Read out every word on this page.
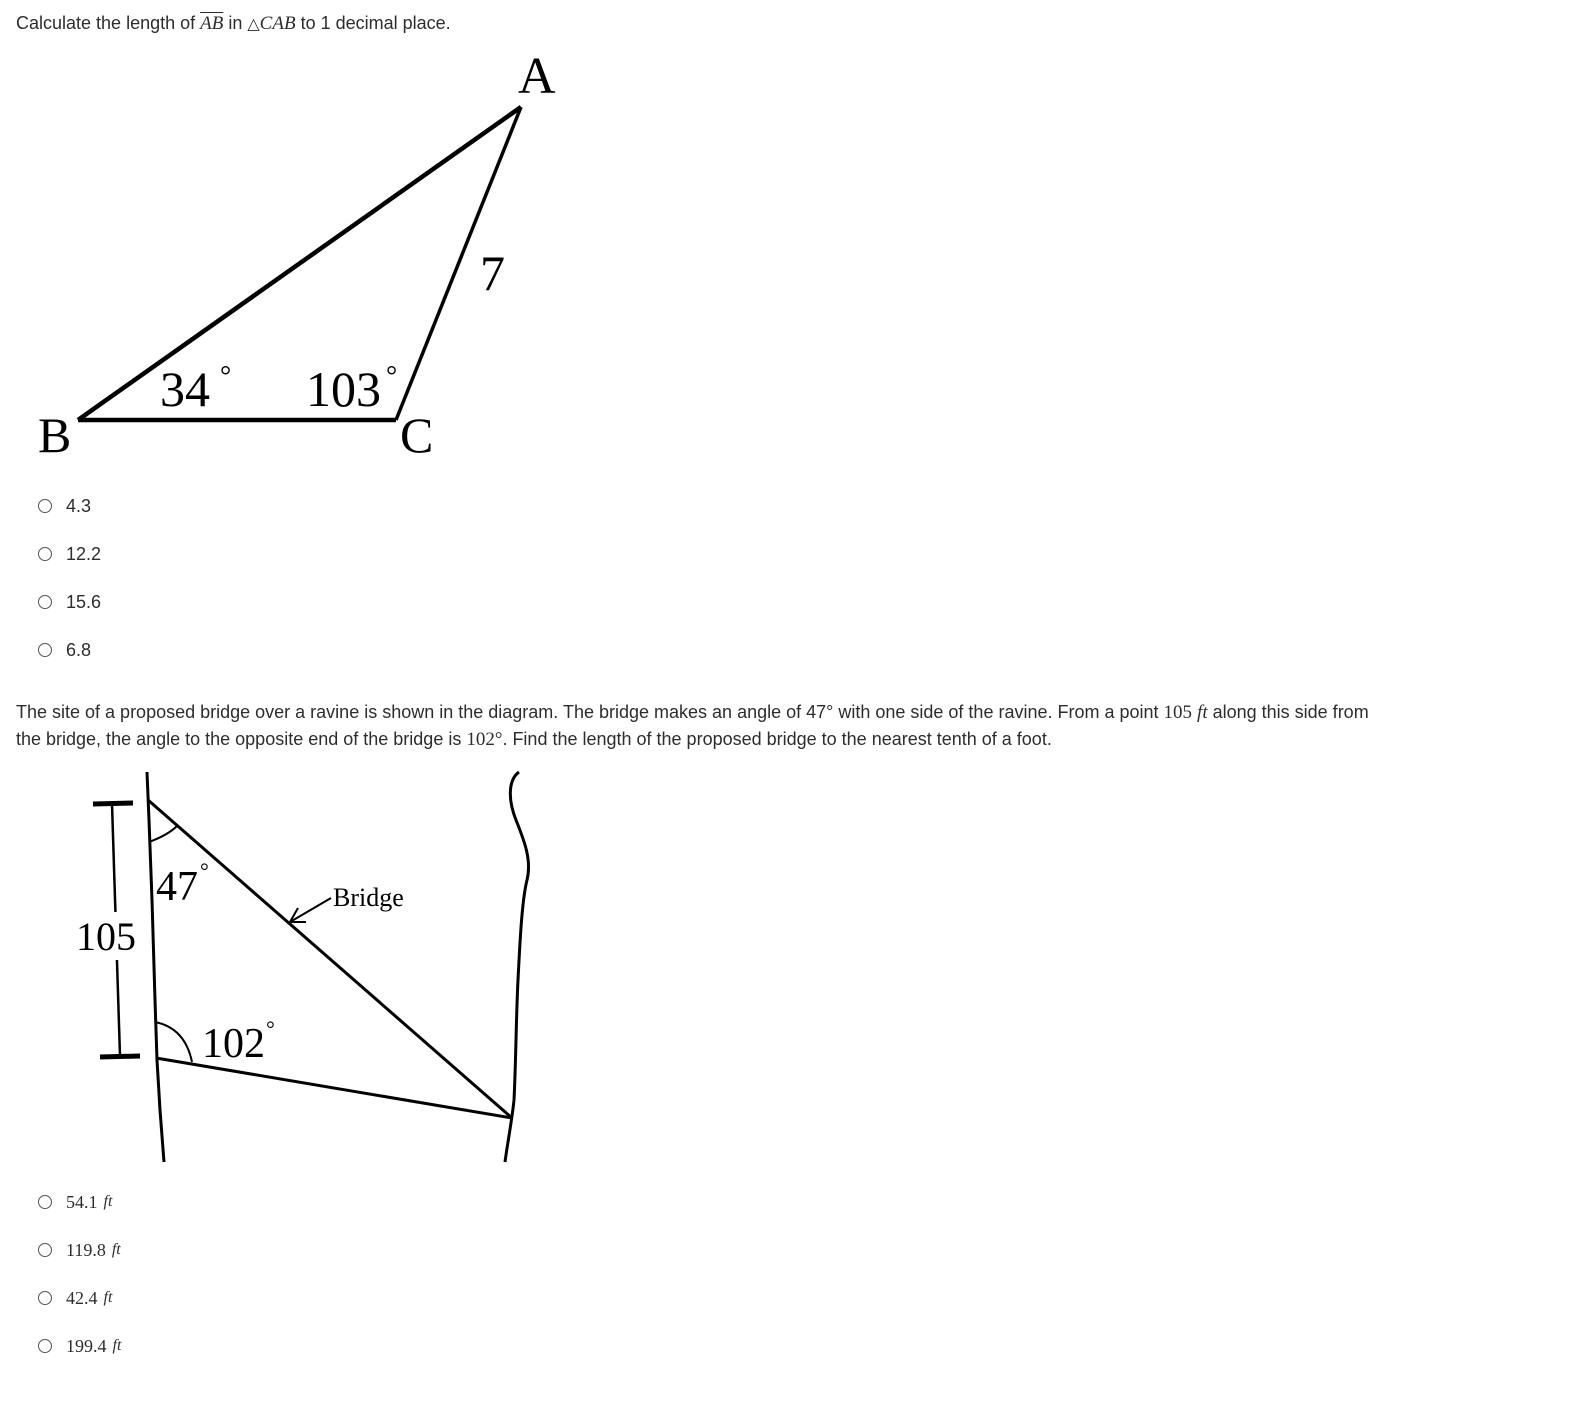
Calculate the length of $\overline{AB}$ in △CAB to 1 decimal place.
A
B	C
7
34 ° 103 °
4.3
12.2
15.6
6.8
The site of a proposed bridge over a ravine is shown in the diagram. The bridge makes an angle of 47° with one side of the ravine. From a point 105 ft along this side from
the bridge, the angle to the opposite end of the bridge is 102°. Find the length of the proposed bridge to the nearest tenth of a foot.
105
47 °
102 °
Bridge
54.1 ft
119.8 ft
42.4 ft
199.4 ft
